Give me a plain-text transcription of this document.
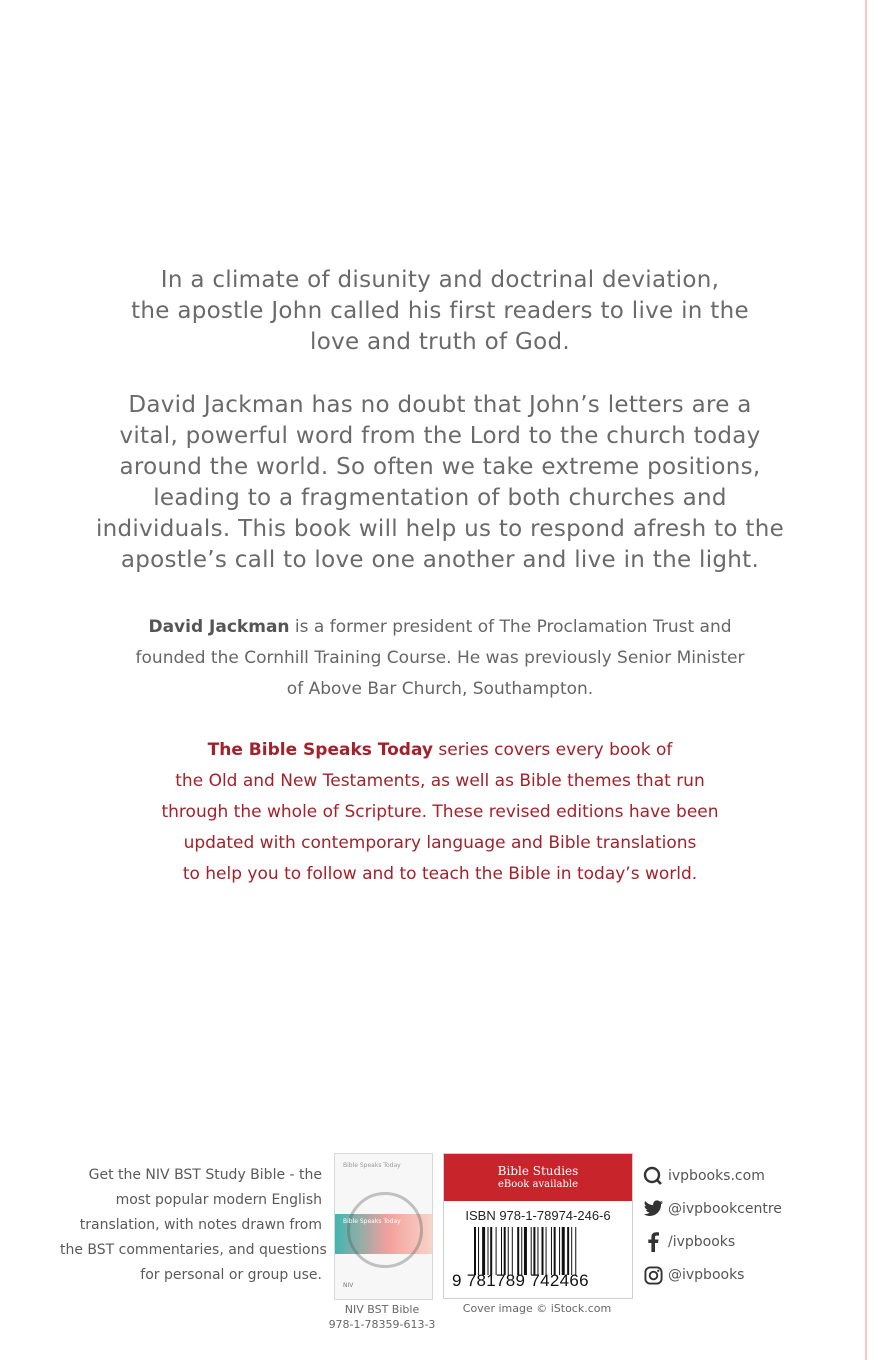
In a climate of disunity and doctrinal deviation,
the apostle John called his first readers to live in the
love and truth of God.
David Jackman has no doubt that John’s letters are a
vital, powerful word from the Lord to the church today
around the world. So often we take extreme positions,
leading to a fragmentation of both churches and
individuals. This book will help us to respond afresh to the
apostle’s call to love one another and live in the light.
David Jackman is a former president of The Proclamation Trust and
founded the Cornhill Training Course. He was previously Senior Minister
of Above Bar Church, Southampton.
The Bible Speaks Today series covers every book of
the Old and New Testaments, as well as Bible themes that run
through the whole of Scripture. These revised editions have been
updated with contemporary language and Bible translations
to help you to follow and to teach the Bible in today’s world.
Get the NIV BST Study Bible - the
most popular modern English
translation, with notes drawn from
the BST commentaries, and questions
for personal or group use.
Bible Speaks Today
Bible Speaks Today
NIV
NIV BST Bible
978-1-78359-613-3
Bible Studies
eBook available
ISBN 978-1-78974-246-6
9 781789 742466
Cover image © iStock.com
ivpbooks.com
@ivpbookcentre
/ivpbooks
@ivpbooks
